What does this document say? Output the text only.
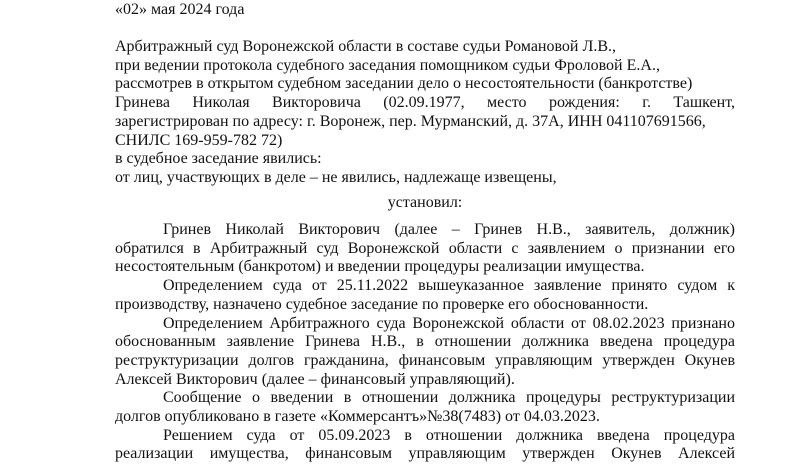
«02» мая 2024 года
Арбитражный суд Воронежской области в составе судьи Романовой Л.В.,
при ведении протокола судебного заседания помощником судьи Фроловой Е.А.,
рассмотрев в открытом судебном заседании дело о несостоятельности (банкротстве)
Гринева Николая Викторовича (02.09.1977, место рождения: г. Ташкент,
зарегистрирован по адресу: г. Воронеж, пер. Мурманский, д. 37А, ИНН 041107691566,
СНИЛС 169-959-782 72)
в судебное заседание явились:
от лиц, участвующих в деле – не явились, надлежаще извещены,
установил:
Гринев Николай Викторович (далее – Гринев Н.В., заявитель, должник)
обратился в Арбитражный суд Воронежской области с заявлением о признании его
несостоятельным (банкротом) и введении процедуры реализации имущества.
Определением суда от 25.11.2022 вышеуказанное заявление принято судом к
производству, назначено судебное заседание по проверке его обоснованности.
Определением Арбитражного суда Воронежской области от 08.02.2023 признано
обоснованным заявление Гринева Н.В., в отношении должника введена процедура
реструктуризации долгов гражданина, финансовым управляющим утвержден Окунев
Алексей Викторович (далее – финансовый управляющий).
Сообщение о введении в отношении должника процедуры реструктуризации
долгов опубликовано в газете «Коммерсантъ»№38(7483) от 04.03.2023.
Решением суда от 05.09.2023 в отношении должника введена процедура
реализации имущества, финансовым управляющим утвержден Окунев Алексей
